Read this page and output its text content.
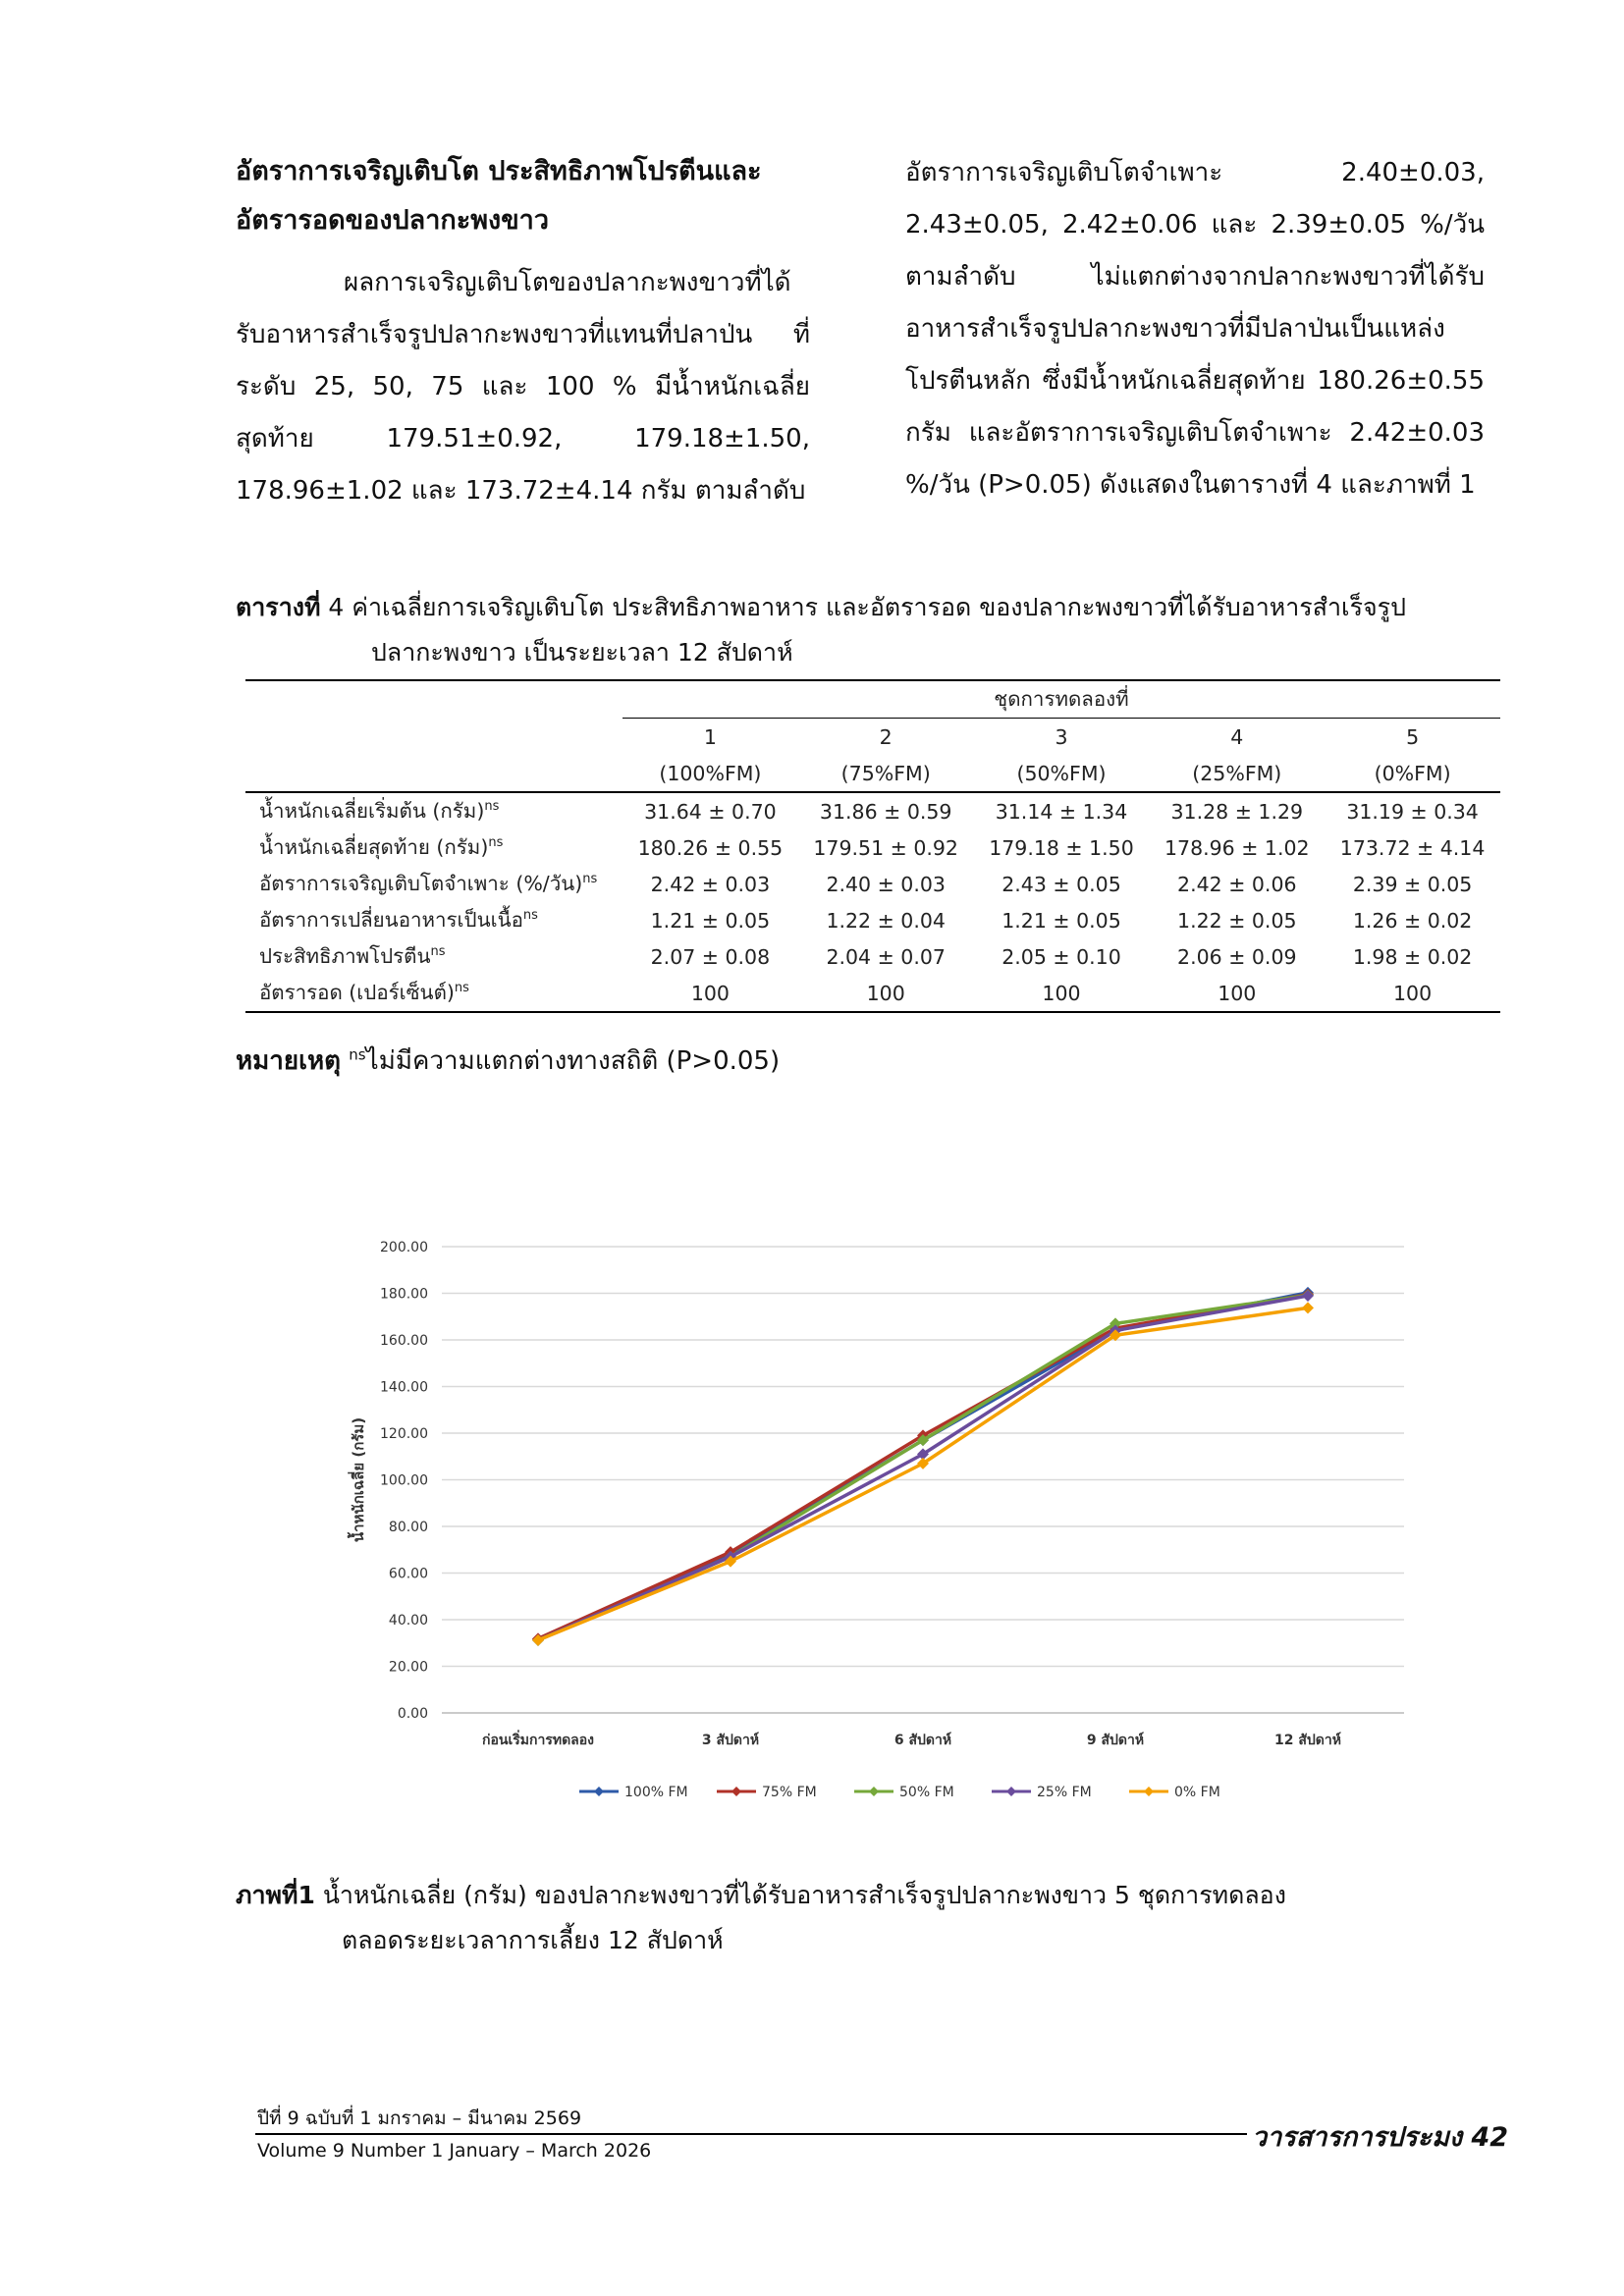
อัตราการเจริญเติบโต ประสิทธิภาพโปรตีนและ
อัตรารอดของปลากะพงขาว
ผลการเจริญเติบโตของปลากะพงขาวที่ได้รับอาหารสำเร็จรูปปลากะพงขาวที่แทนที่ปลาป่น ที่ระดับ 25, 50, 75 และ 100 % มีน้ำหนักเฉลี่ยสุดท้าย 179.51±0.92, 179.18±1.50, 178.96±1.02 และ 173.72±4.14 กรัม ตามลำดับ
อัตราการเจริญเติบโตจำเพาะ 2.40±0.03, 2.43±0.05, 2.42±0.06 และ 2.39±0.05 %/วัน ตามลำดับ ไม่แตกต่างจากปลากะพงขาวที่ได้รับอาหารสำเร็จรูปปลากะพงขาวที่มีปลาป่นเป็นแหล่งโปรตีนหลัก ซึ่งมีน้ำหนักเฉลี่ยสุดท้าย 180.26±0.55 กรัม และอัตราการเจริญเติบโตจำเพาะ 2.42±0.03 %/วัน (P>0.05) ดังแสดงในตารางที่ 4 และภาพที่ 1
ตารางที่ 4 ค่าเฉลี่ยการเจริญเติบโต ประสิทธิภาพอาหาร และอัตรารอด ของปลากะพงขาวที่ได้รับอาหารสำเร็จรูป
ปลากะพงขาว เป็นระยะเวลา 12 สัปดาห์
	ชุดการทดลองที่				
	1	2	3	4	5
	(100%FM)	(75%FM)	(50%FM)	(25%FM)	(0%FM)
น้ำหนักเฉลี่ยเริ่มต้น (กรัม)$^{ns}$	31.64 ± 0.70	31.86 ± 0.59	31.14 ± 1.34	31.28 ± 1.29	31.19 ± 0.34
น้ำหนักเฉลี่ยสุดท้าย (กรัม)$^{ns}$	180.26 ± 0.55	179.51 ± 0.92	179.18 ± 1.50	178.96 ± 1.02	173.72 ± 4.14
อัตราการเจริญเติบโตจำเพาะ (%/วัน)$^{ns}$	2.42 ± 0.03	2.40 ± 0.03	2.43 ± 0.05	2.42 ± 0.06	2.39 ± 0.05
อัตราการเปลี่ยนอาหารเป็นเนื้อ$^{ns}$	1.21 ± 0.05	1.22 ± 0.04	1.21 ± 0.05	1.22 ± 0.05	1.26 ± 0.02
ประสิทธิภาพโปรตีน$^{ns}$	2.07 ± 0.08	2.04 ± 0.07	2.05 ± 0.10	2.06 ± 0.09	1.98 ± 0.02
อัตรารอด (เปอร์เซ็นต์)$^{ns}$	100	100	100	100	100
หมายเหตุ $^{ns}$ไม่มีความแตกต่างทางสถิติ (P>0.05)
0.00
20.00
40.00
60.00
80.00
100.00
120.00
140.00
160.00
180.00
200.00
ก่อนเริ่มการทดลอง	3 สัปดาห์	6 สัปดาห์	9 สัปดาห์	12 สัปดาห์
น้ำหนักเฉลี่ย (กรัม)
100% FM	75% FM	50% FM	25% FM	0% FM
ภาพที่1 น้ำหนักเฉลี่ย (กรัม) ของปลากะพงขาวที่ได้รับอาหารสำเร็จรูปปลากะพงขาว 5 ชุดการทดลอง
ตลอดระยะเวลาการเลี้ยง 12 สัปดาห์
ปีที่ 9 ฉบับที่ 1 มกราคม – มีนาคม 2569
Volume 9 Number 1 January – March 2026	วารสารการประมง 42
